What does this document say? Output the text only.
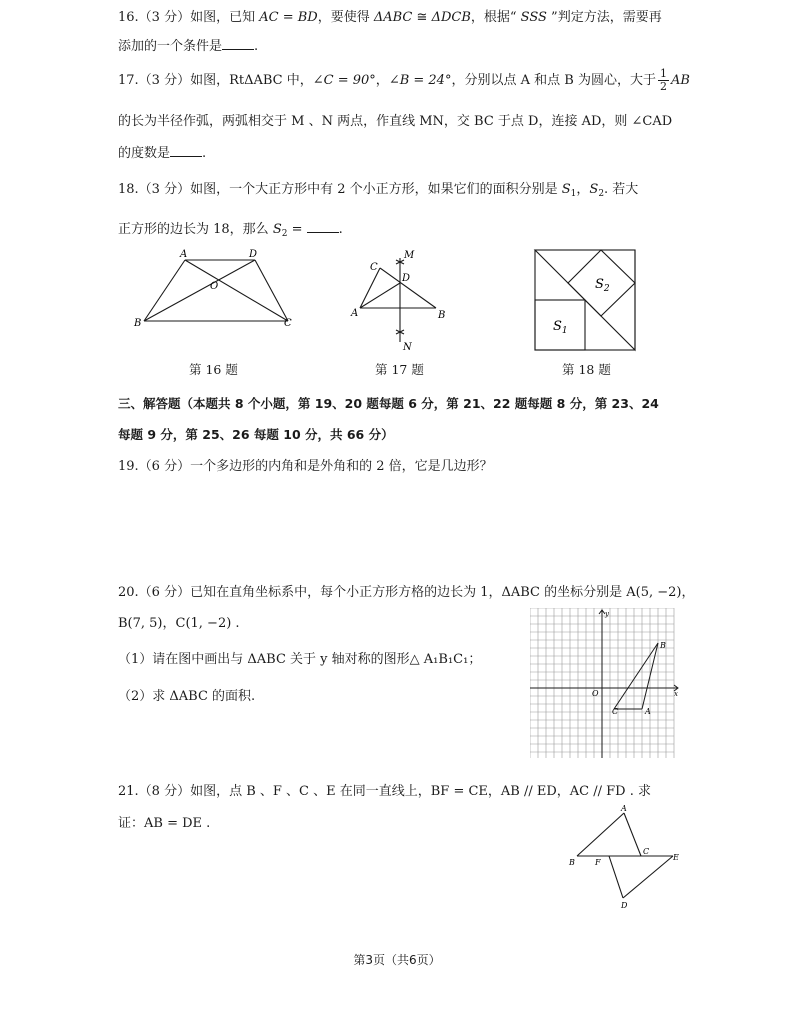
16.（3 分）如图，已知 AC = BD，要使得 ΔABC ≅ ΔDCB，根据“ SSS ”判定方法，需要再
添加的一个条件是 .
17.（3 分）如图，RtΔABC 中，∠C = 90°，∠B = 24°，分别以点 A 和点 B 为圆心，大于 $\frac{1}{2}$ AB
的长为半径作弧，两弧相交于 M 、N 两点，作直线 MN，交 BC 于点 D，连接 AD，则 ∠CAD
的度数是 .
18.（3 分）如图，一个大正方形中有 2 个小正方形，如果它们的面积分别是 $S_1$，$S_2$. 若大
正方形的边长为 18，那么 $S_2$ = .
A	D
O
B	C
第 16 题
M
C
D
A	B
N
第 17 题
$S_2$
$S_1$
第 18 题
三、解答题（本题共 8 个小题，第 19、20 题每题 6 分，第 21、22 题每题 8 分，第 23、24
每题 9 分，第 25、26 每题 10 分，共 66 分）
19.（6 分）一个多边形的内角和是外角和的 2 倍，它是几边形？
20.（6 分）已知在直角坐标系中，每个小正方形方格的边长为 1，ΔABC 的坐标分别是 A(5, −2)，
B(7, 5)，C(1, −2) .
（1）请在图中画出与 ΔABC 关于 y 轴对称的图形△ A₁B₁C₁；
（2）求 ΔABC 的面积.
y
x
O
A
B
C
21.（8 分）如图，点 B 、F 、C 、E 在同一直线上，BF = CE，AB // ED，AC // FD . 求
证：AB = DE .
A
B	F
C
E
D
第3页（共6页）
